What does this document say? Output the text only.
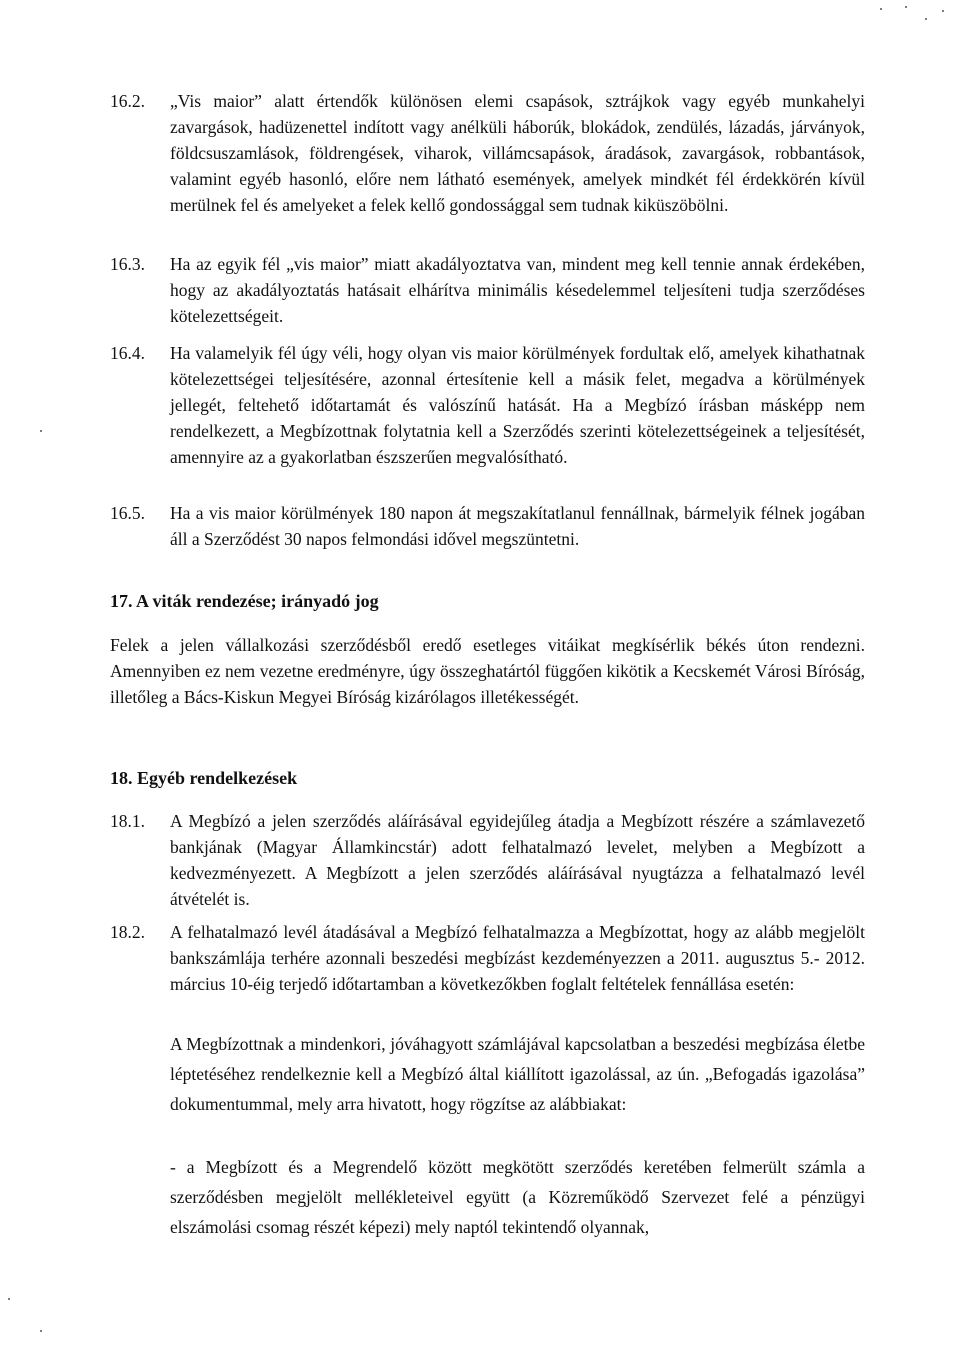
16.2.	„Vis maior” alatt értendők különösen elemi csapások, sztrájkok vagy egyéb munkahelyi zavargások, hadüzenettel indított vagy anélküli háborúk, blokádok, zendülés, lázadás, járványok, földcsuszamlások, földrengések, viharok, villámcsapások, áradások, zavargások, robbantások, valamint egyéb hasonló, előre nem látható események, amelyek mindkét fél érdekkörén kívül merülnek fel és amelyeket a felek kellő gondossággal sem tudnak kiküszöbölni.
16.3.	Ha az egyik fél „vis maior” miatt akadályoztatva van, mindent meg kell tennie annak érdekében, hogy az akadályoztatás hatásait elhárítva minimális késedelemmel teljesíteni tudja szerződéses kötelezettségeit.
16.4.	Ha valamelyik fél úgy véli, hogy olyan vis maior körülmények fordultak elő, amelyek kihathatnak kötelezettségei teljesítésére, azonnal értesítenie kell a másik felet, megadva a körülmények jellegét, feltehető időtartamát és valószínű hatását. Ha a Megbízó írásban másképp nem rendelkezett, a Megbízottnak folytatnia kell a Szerződés szerinti kötelezettségeinek a teljesítését, amennyire az a gyakorlatban észszerűen megvalósítható.
16.5.	Ha a vis maior körülmények 180 napon át megszakítatlanul fennállnak, bármelyik félnek jogában áll a Szerződést 30 napos felmondási idővel megszüntetni.
17. A viták rendezése; irányadó jog
Felek a jelen vállalkozási szerződésből eredő esetleges vitáikat megkísérlik békés úton rendezni. Amennyiben ez nem vezetne eredményre, úgy összeghatártól függően kikötik a Kecskemét Városi Bíróság, illetőleg a Bács-Kiskun Megyei Bíróság kizárólagos illetékességét.
18. Egyéb rendelkezések
18.1.	A Megbízó a jelen szerződés aláírásával egyidejűleg átadja a Megbízott részére a számlavezető bankjának (Magyar Államkincstár) adott felhatalmazó levelet, melyben a Megbízott a kedvezményezett. A Megbízott a jelen szerződés aláírásával nyugtázza a felhatalmazó levél átvételét is.
18.2.	A felhatalmazó levél átadásával a Megbízó felhatalmazza a Megbízottat, hogy az alább megjelölt bankszámlája terhére azonnali beszedési megbízást kezdeményezzen a 2011. augusztus 5.- 2012. március 10-éig terjedő időtartamban a következőkben foglalt feltételek fennállása esetén:
A Megbízottnak a mindenkori, jóváhagyott számlájával kapcsolatban a beszedési megbízása életbe léptetéséhez rendelkeznie kell a Megbízó által kiállított igazolással, az ún. „Befogadás igazolása” dokumentummal, mely arra hivatott, hogy rögzítse az alábbiakat:
- a Megbízott és a Megrendelő között megkötött szerződés keretében felmerült számla a szerződésben megjelölt mellékleteivel együtt (a Közreműködő Szervezet felé a pénzügyi elszámolási csomag részét képezi) mely naptól tekintendő olyannak,
